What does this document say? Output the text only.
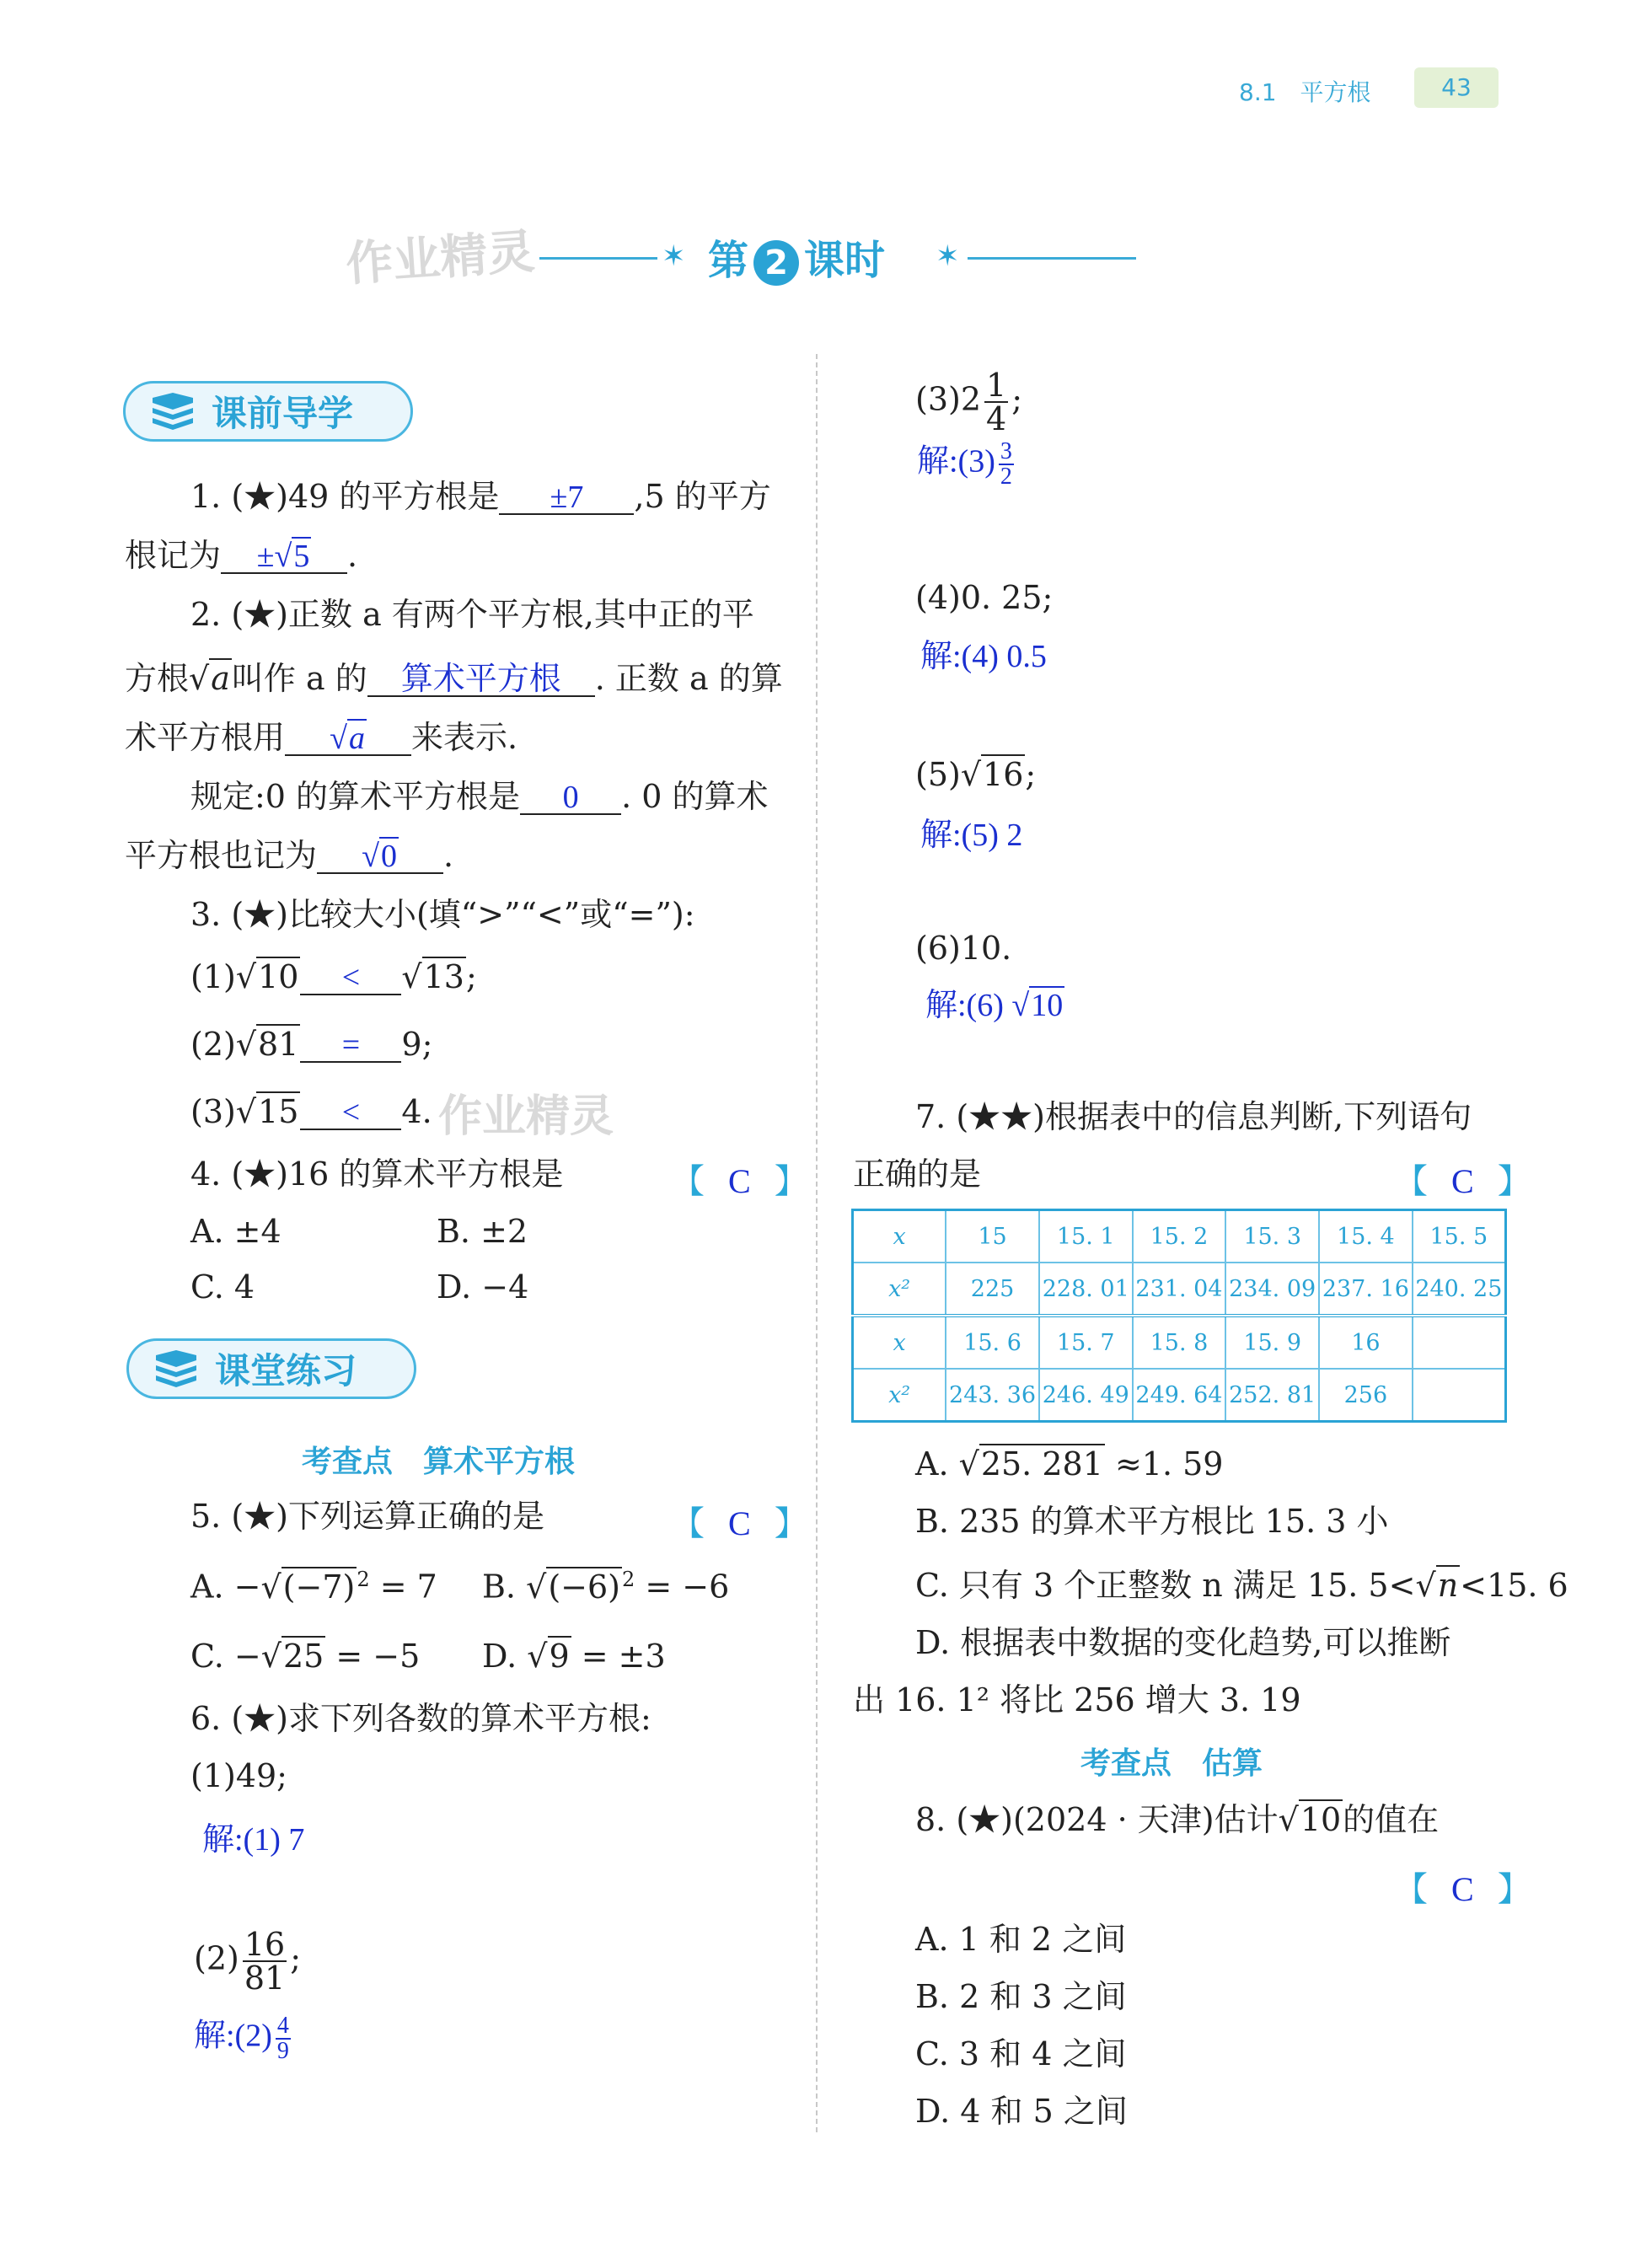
8.1　平方根	43
作业精灵	✶ 第 2 课时 ✶
课前导学
1. (★)49 的平方根是 ±7 ,5 的平方
根记为 ±√5 .
2. (★)正数 a 有两个平方根,其中正的平
方根√a叫作 a 的 算术平方根 . 正数 a 的算
术平方根用 √a 来表示.
规定:0 的算术平方根是 0 . 0 的算术
平方根也记为 √0 .
3. (★)比较大小(填“>”“<”或“=”):
(1)√10 < √13;
(2)√81 = 9;
(3)√15 < 4. 作业精灵
4. (★)16 的算术平方根是	【 C 】
A. ±4	B. ±2
C. 4	D. −4
课堂练习
考查点　算术平方根
5. (★)下列运算正确的是	【 C 】
A. $-√(-7)^2 = 7$ B. $√(-6)^2 = -6$
C. −√25 = −5 D. √9 = ±3
6. (★)求下列各数的算术平方根:
(1)49;
解:(1) 7
$(2) \frac{16}{81}$ ;
解:(2) $\frac{4}{9}$
$(3)2 \frac{1}{4}$ ;
解:(3) $\frac{3}{2}$
(4)0. 25;
解:(4) 0.5
(5)√16;
解:(5) 2
(6)10.
解:(6) √10
7. (★★)根据表中的信息判断,下列语句
正确的是	【 C 】
x	15	15. 1	15. 2	15. 3	15. 4	15. 5
x²	225	228. 01	231. 04	234. 09	237. 16	240. 25
x	15. 6	15. 7	15. 8	15. 9	16	
x²	243. 36	246. 49	249. 64	252. 81	256	
A. √25. 281 ≈1. 59
B. 235 的算术平方根比 15. 3 小
C. 只有 3 个正整数 n 满足 15. 5<√n<15. 6
D. 根据表中数据的变化趋势,可以推断
出 16. 1² 将比 256 增大 3. 19
考查点　估算
8. (★)(2024 · 天津)估计√10的值在
【 C 】
A. 1 和 2 之间
B. 2 和 3 之间
C. 3 和 4 之间
D. 4 和 5 之间
